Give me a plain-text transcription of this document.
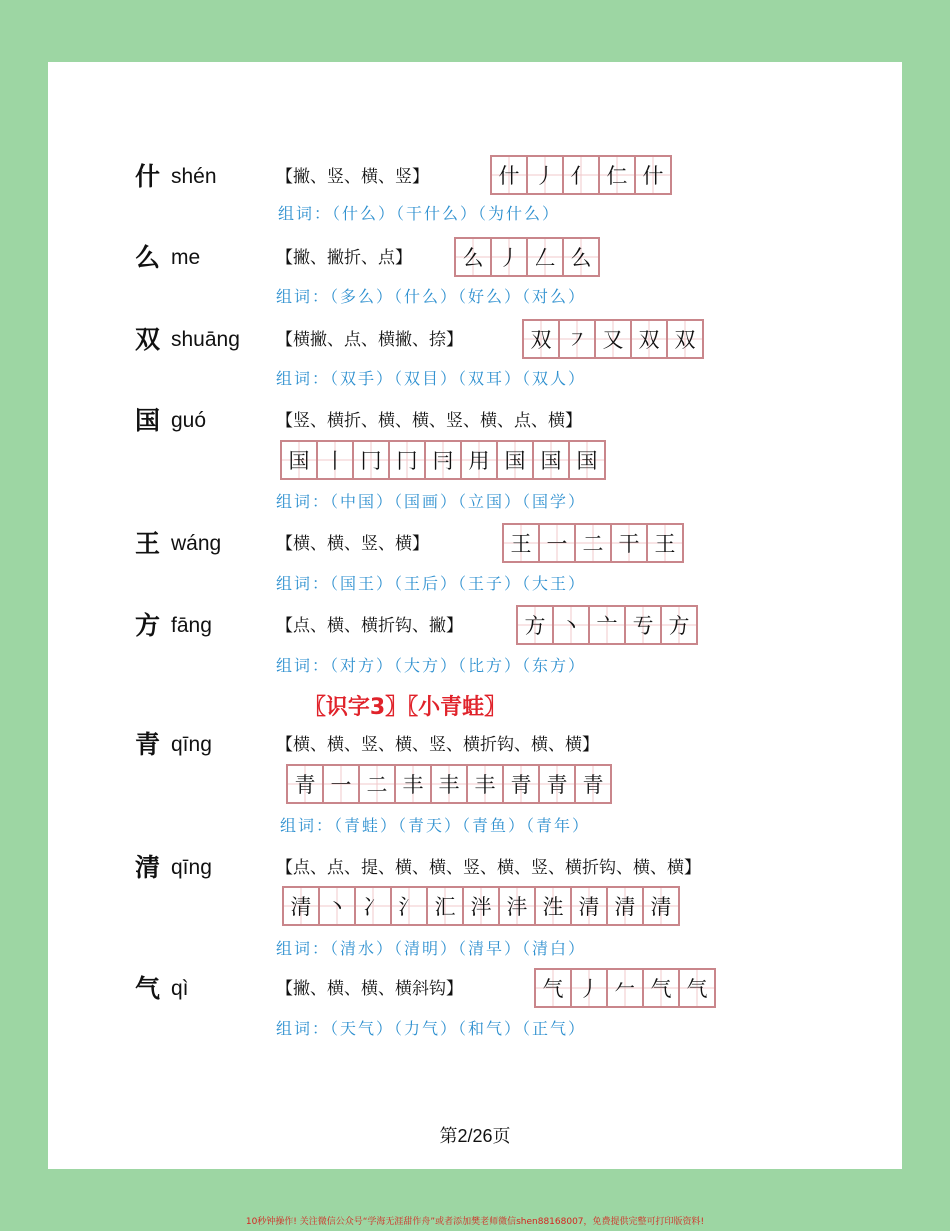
什 shén	【撇、竖、横、竖】	什 丿 亻 仁 什
组词：（什么）（干什么）（为什么）
么 me	【撇、撇折、点】	么 丿 𠃋 么
组词：（多么）（什么）（好么）（对么）
双 shuāng 【横撇、点、横撇、捺】	双 ㇇ 又 双 双
组词：（双手）（双目）（双耳）（双人）
国 guó	【竖、横折、横、横、竖、横、点、横】
国 丨 冂 冂 冃 用 国 国 国
组词：（中国）（国画）（立国）（国学）
王 wáng	【横、横、竖、横】	王 一 二 干 王
组词：（国王）（王后）（王子）（大王）
方 fāng	【点、横、横折钩、撇】	方 丶 亠 亐 方
组词：（对方）（大方）（比方）（东方）
〖识字3〗〖小青蛙〗
青 qīng	【横、横、竖、横、竖、横折钩、横、横】
青 一 二 丰 丰 丰 青 青 青
组词：（青蛙）（青天）（青鱼）（青年）
清 qīng	【点、点、提、横、横、竖、横、竖、横折钩、横、横】
清 丶 冫 氵 汇 泮 沣 泩 清 清 清
组词：（清水）（清明）（清早）（清白）
气 qì	【撇、横、横、横斜钩】	气 丿 𠂉 气 气
组词：（天气）（力气）（和气）（正气）
第2/26页
10秒钟操作! 关注微信公众号“学海无涯甜作舟”或者添加樊老师微信shen88168007，免费提供完整可打印版资料!
